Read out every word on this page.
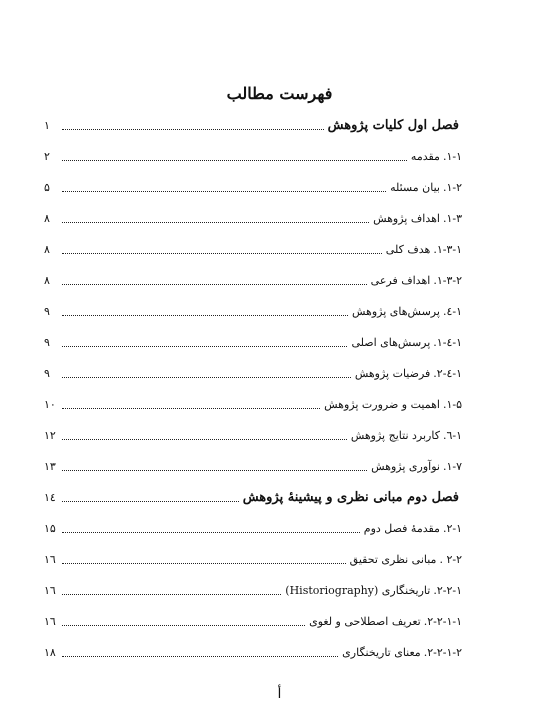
فهرست مطالب
فصل اول کلیات پژوهش
۱
۱-۱.
مقدمه
۲
۱-۲.
بیان مسئله
۵
۱-۳.
اهداف پژوهش
۸
۱-۳-۱.
هدف کلی
۸
۱-۳-۲.
اهداف فرعی
۸
۱-٤.
پرسش‌های پژوهش
۹
۱-٤-۱.
پرسش‌های اصلی
۹
۱-٤-۲.
فرضیات پژوهش
۹
۱-۵.
اهمیت و ضرورت پژوهش
۱۰
۱-٦.
کاربرد نتایج پژوهش
۱۲
۱-۷.
نوآوری پژوهش
۱۳
فصل دوم مبانی نظری و پیشینۀ پژوهش
۱٤
۲-۱.
مقدمۀ فصل دوم
۱۵
۲-۲ .
مبانی نظری تحقیق
۱٦
۲-۲-۱.
تاریخنگاری (Historiography)
۱٦
۲-۲-۱-۱.
تعریف اصطلاحی و لغوی
۱٦
۲-۲-۱-۲.
معنای تاریخنگاری
۱۸
أ
